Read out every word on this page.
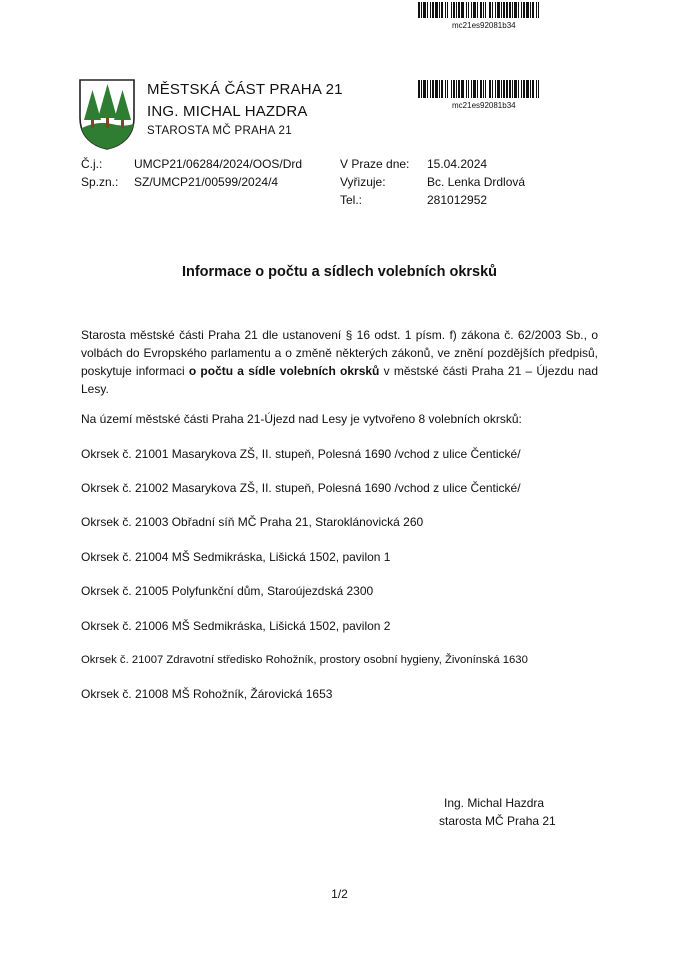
mc21es92081b34
mc21es92081b34
MĚSTSKÁ ČÁST PRAHA 21
ING. MICHAL HAZDRA
STAROSTA MČ PRAHA 21
Č.j.:	UMCP21/06284/2024/OOS/Drd
Sp.zn.: SZ/UMCP21/00599/2024/4
V Praze dne: 15.04.2024
Vyřizuje:	Bc. Lenka Drdlová
Tel.:	281012952
Informace o počtu a sídlech volebních okrsků

Starosta městské části Praha 21 dle ustanovení § 16 odst. 1 písm. f) zákona č. 62/2003 Sb., o volbách do Evropského parlamentu a o změně některých zákonů, ve znění pozdějších předpisů, poskytuje informaci o počtu a sídle volebních okrsků v městské části Praha 21 – Újezdu nad Lesy.

Na území městské části Praha 21-Újezd nad Lesy je vytvořeno 8 volebních okrsků:
Okrsek č. 21001 Masarykova ZŠ, II. stupeň, Polesná 1690 /vchod z ulice Čentické/
Okrsek č. 21002 Masarykova ZŠ, II. stupeň, Polesná 1690 /vchod z ulice Čentické/
Okrsek č. 21003 Obřadní síň MČ Praha 21, Staroklánovická 260
Okrsek č. 21004 MŠ Sedmikráska, Lišická 1502, pavilon 1
Okrsek č. 21005 Polyfunkční dům, Staroújezdská 2300
Okrsek č. 21006 MŠ Sedmikráska, Lišická 1502, pavilon 2
Okrsek č. 21007 Zdravotní středisko Rohožník, prostory osobní hygieny, Živonínská 1630
Okrsek č. 21008 MŠ Rohožník, Žárovická 1653
Ing. Michal Hazdra
starosta MČ Praha 21
1/2
